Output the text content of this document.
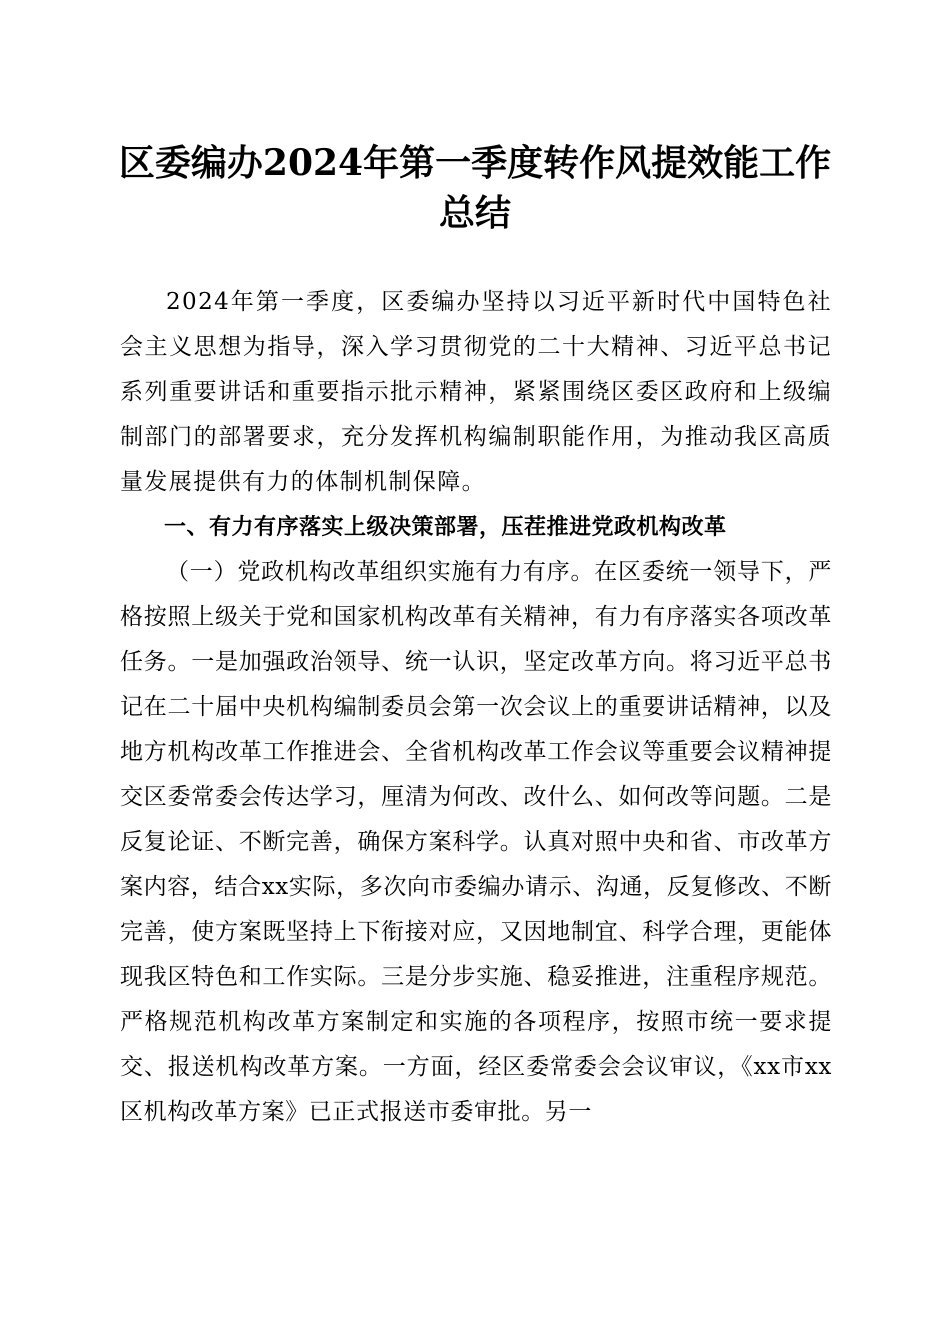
区委编办2024年第一季度转作风提效能工作
总结

2024年第一季度，区委编办坚持以习近平新时代中国特色社会主义思想为指导，深入学习贯彻党的二十大精神、习近平总书记系列重要讲话和重要指示批示精神，紧紧围绕区委区政府和上级编制部门的部署要求，充分发挥机构编制职能作用，为推动我区高质量发展提供有力的体制机制保障。

一、有力有序落实上级决策部署，压茬推进党政机构改革

（一）党政机构改革组织实施有力有序。在区委统一领导下，严格按照上级关于党和国家机构改革有关精神，有力有序落实各项改革任务。一是加强政治领导、统一认识，坚定改革方向。将习近平总书记在二十届中央机构编制委员会第一次会议上的重要讲话精神，以及地方机构改革工作推进会、全省机构改革工作会议等重要会议精神提交区委常委会传达学习，厘清为何改、改什么、如何改等问题。二是反复论证、不断完善，确保方案科学。认真对照中央和省、市改革方案内容，结合xx实际，多次向市委编办请示、沟通，反复修改、不断完善，使方案既坚持上下衔接对应，又因地制宜、科学合理，更能体现我区特色和工作实际。三是分步实施、稳妥推进，注重程序规范。严格规范机构改革方案制定和实施的各项程序，按照市统一要求提交、报送机构改革方案。一方面，经区委常委会会议审议，《xx市xx区机构改革方案》已正式报送市委审批。另一
